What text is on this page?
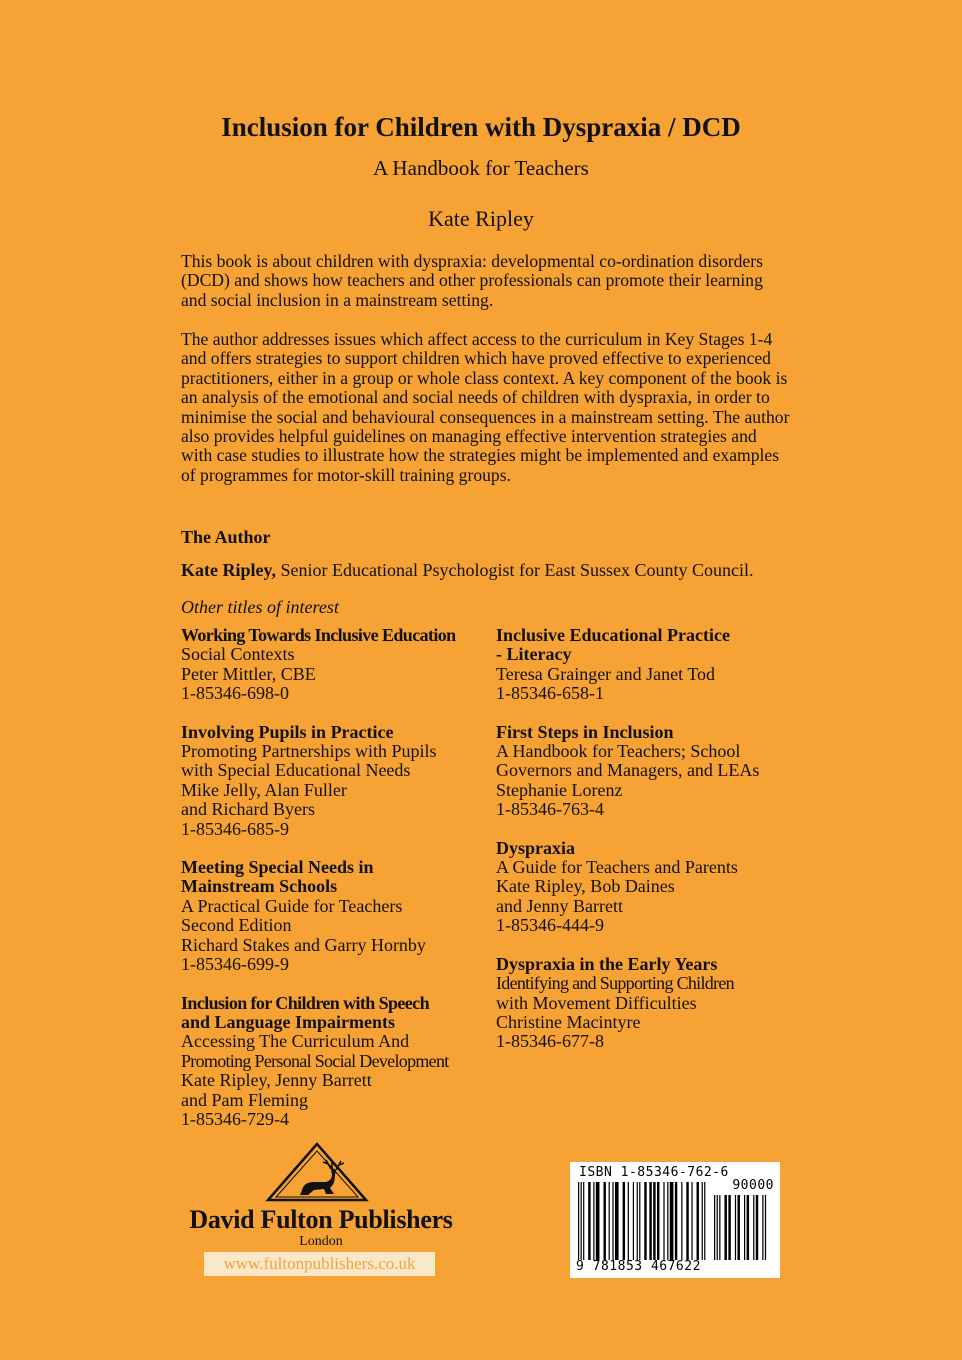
Inclusion for Children with Dyspraxia / DCD
A Handbook for Teachers
Kate Ripley

This book is about children with dyspraxia: developmental co-ordination disorders (DCD) and shows how teachers and other professionals can promote their learning and social inclusion in a mainstream setting.

The author addresses issues which affect access to the curriculum in Key Stages 1-4 and offers strategies to support children which have proved effective to experienced practitioners, either in a group or whole class context. A key component of the book is an analysis of the emotional and social needs of children with dyspraxia, in order to minimise the social and behavioural consequences in a mainstream setting. The author also provides helpful guidelines on managing effective intervention strategies and with case studies to illustrate how the strategies might be implemented and examples of programmes for motor-skill training groups.

The Author
Kate Ripley, Senior Educational Psychologist for East Sussex County Council.
Other titles of interest
Working Towards Inclusive Education
Social Contexts
Peter Mittler, CBE
1-85346-698-0
Involving Pupils in Practice
Promoting Partnerships with Pupils
with Special Educational Needs
Mike Jelly, Alan Fuller
and Richard Byers
1-85346-685-9
Meeting Special Needs in
Mainstream Schools
A Practical Guide for Teachers
Second Edition
Richard Stakes and Garry Hornby
1-85346-699-9
Inclusion for Children with Speech
and Language Impairments
Accessing The Curriculum And
Promoting Personal Social Development
Kate Ripley, Jenny Barrett
and Pam Fleming
1-85346-729-4
Inclusive Educational Practice
- Literacy
Teresa Grainger and Janet Tod
1-85346-658-1
First Steps in Inclusion
A Handbook for Teachers; School
Governors and Managers, and LEAs
Stephanie Lorenz
1-85346-763-4
Dyspraxia
A Guide for Teachers and Parents
Kate Ripley, Bob Daines
and Jenny Barrett
1-85346-444-9
Dyspraxia in the Early Years
Identifying and Supporting Children
with Movement Difficulties
Christine Macintyre
1-85346-677-8
David Fulton Publishers
London
www.fultonpublishers.co.uk
ISBN 1-85346-762-6
90000
9 781853 467622
